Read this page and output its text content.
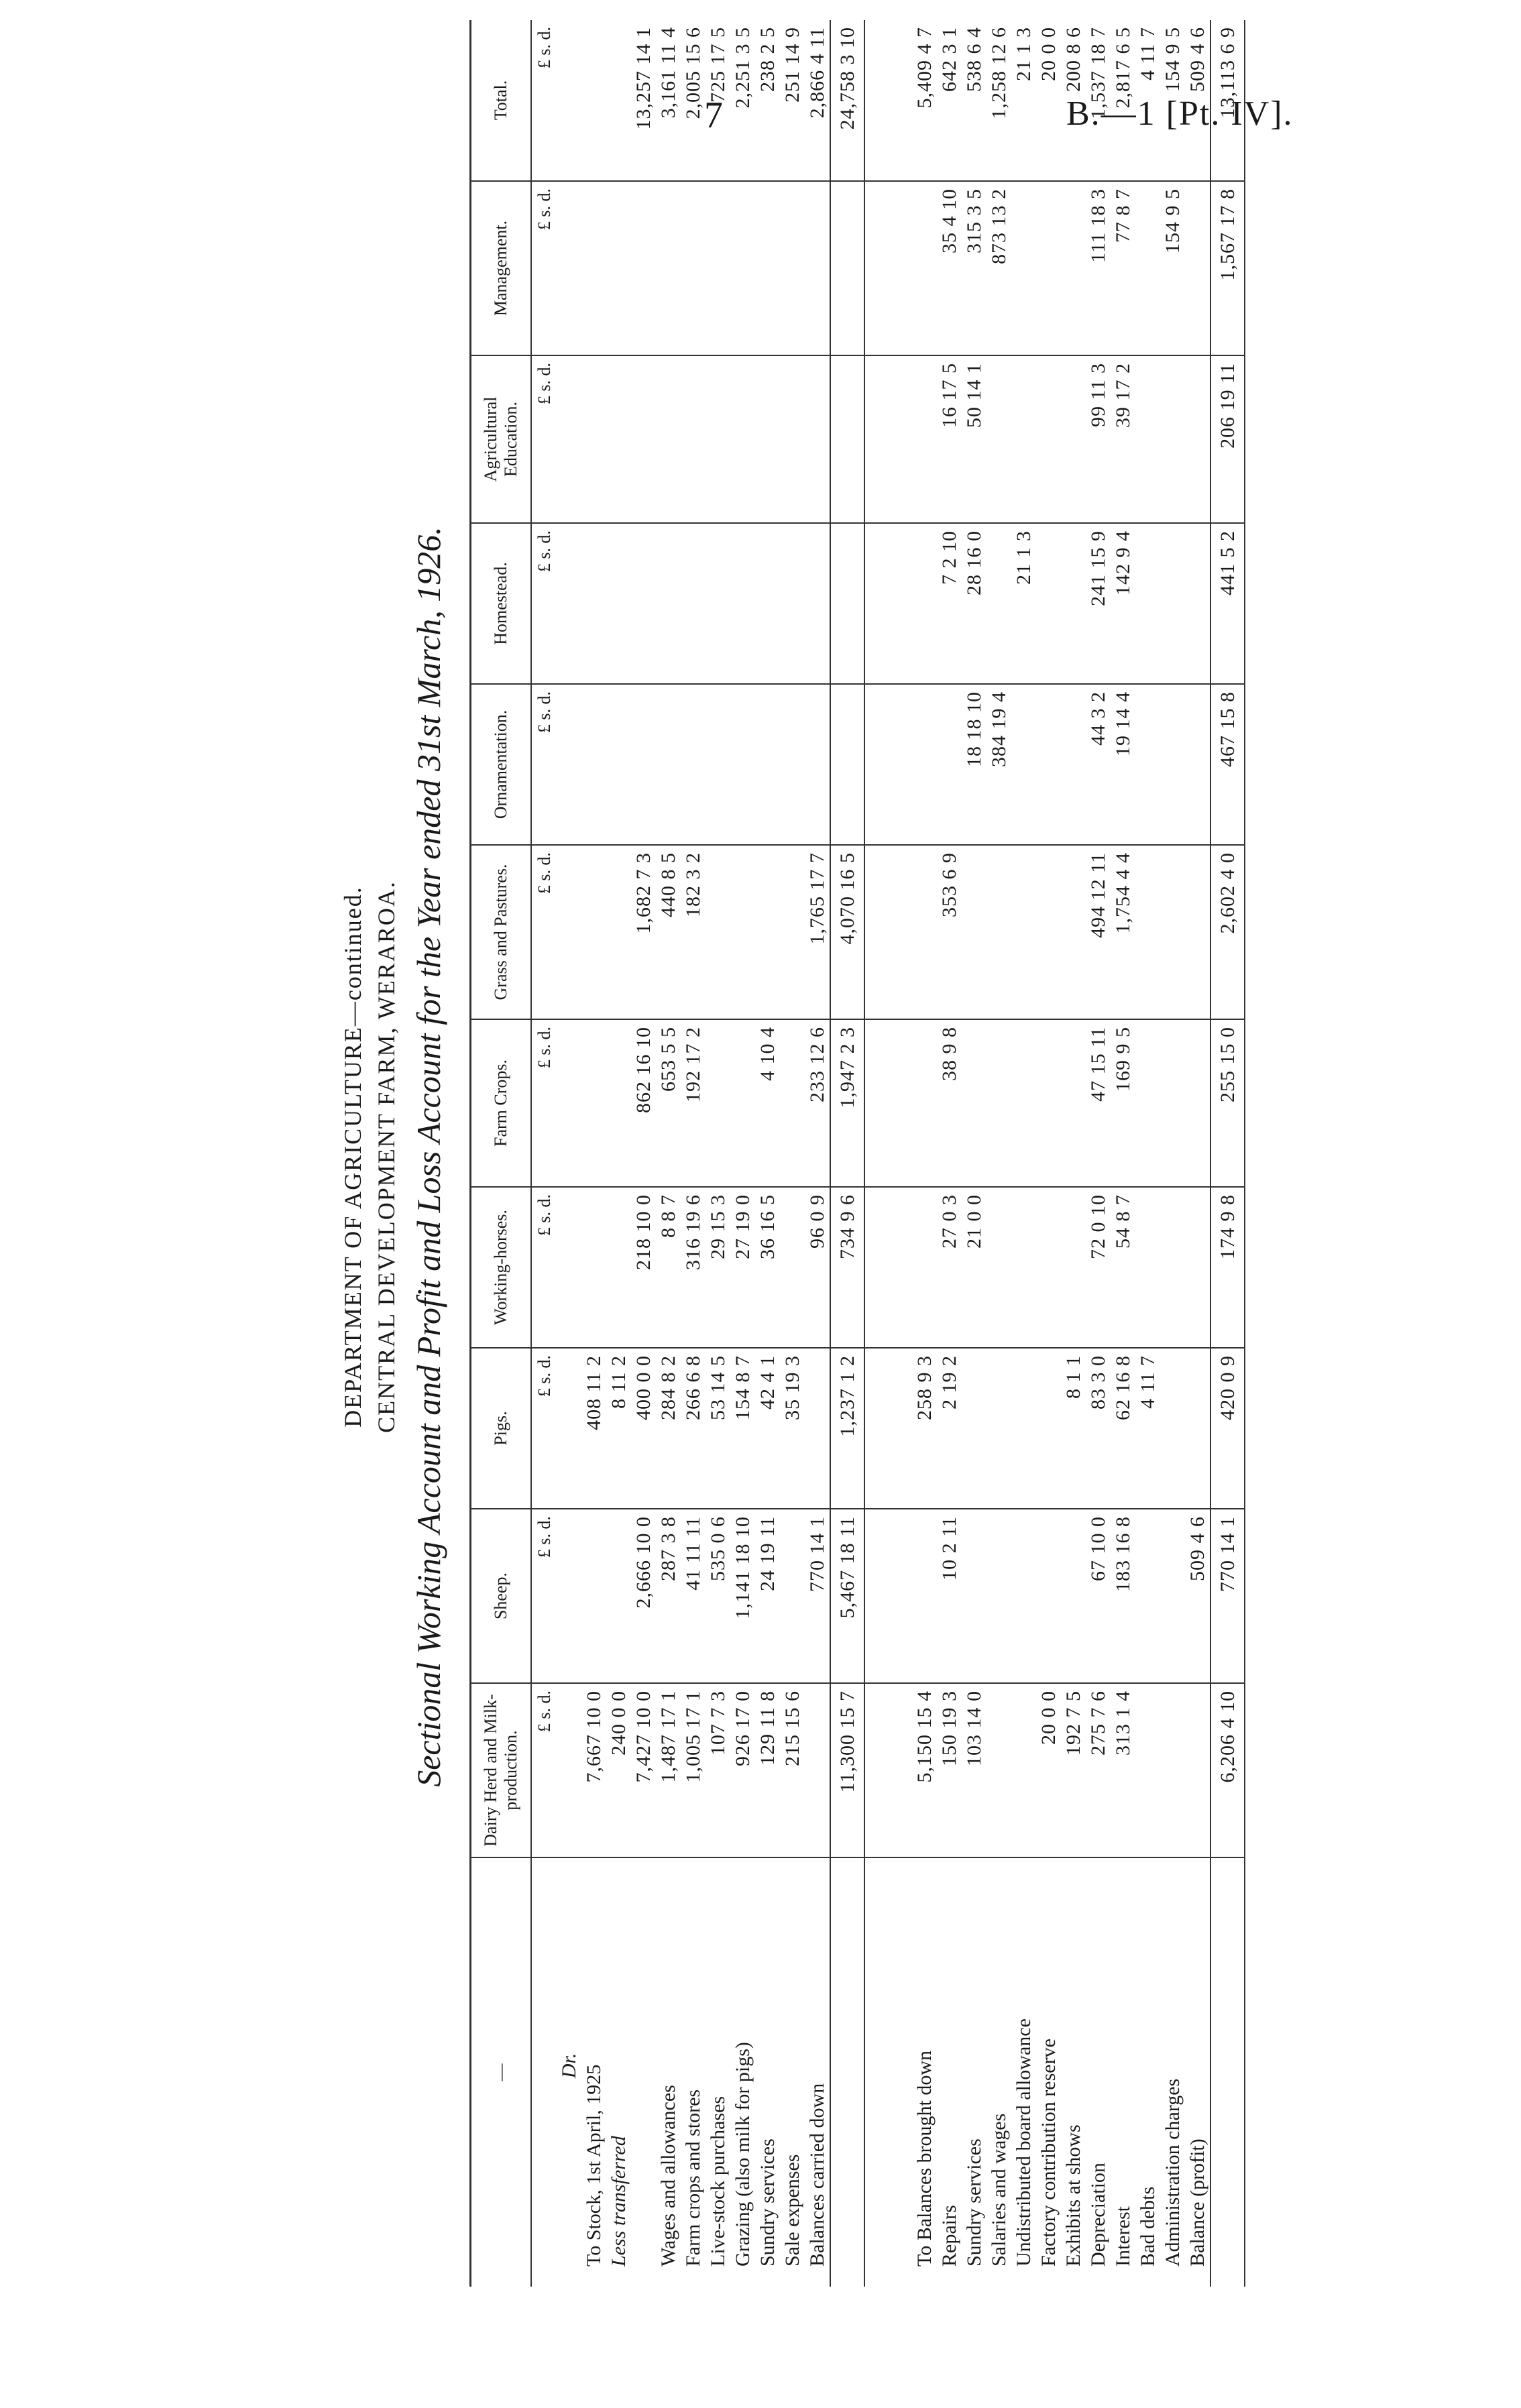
7	B.—1 [Pt. IV].
DEPARTMENT OF AGRICULTURE—continued. CENTRAL DEVELOPMENT FARM, WERAROA. Sectional Working Account and Profit and Loss Account for the Year ended 31st March, 1926.
—	Dairy Herd and Milk-production.	Sheep.	Pigs.	Working-horses.	Farm Crops.	Grass and Pastures.	Ornamentation.	Homestead.	Agricultural Education.	Management.	Total.
	£ s. d.	£ s. d.	£ s. d.	£ s. d.	£ s. d.	£ s. d.	£ s. d.	£ s. d.	£ s. d.	£ s. d.	£ s. d.

Dr.											

To Stock, 1st April, 1925	7,667 10 0		408 11 2								
Less transferred	240 0 0		8 11 2								
	7,427 10 0	2,666 10 0	400 0 0	218 10 0	862 16 10	1,682 7 3					13,257 14 1
Wages and allowances	1,487 17 1	287 3 8	284 8 2	8 8 7	653 5 5	440 8 5					3,161 11 4
Farm crops and stores	1,005 17 1	41 11 11	266 6 8	316 19 6	192 17 2	182 3 2					2,005 15 6
Live-stock purchases	107 7 3	535 0 6	53 14 5	29 15 3							725 17 5
Grazing (also milk for pigs)	926 17 0	1,141 18 10	154 8 7	27 19 0							2,251 3 5
Sundry services	129 11 8	24 19 11	42 4 1	36 16 5	4 10 4						238 2 5
Sale expenses	215 15 6		35 19 3								251 14 9
Balances carried down		770 14 1		96 0 9	233 12 6	1,765 17 7					2,866 4 11
	11,300 15 7	5,467 18 11	1,237 1 2	734 9 6	1,947 2 3	4,070 16 5					24,758 3 10

To Balances brought down	5,150 15 4		258 9 3								5,409 4 7
Repairs	150 19 3	10 2 11	2 19 2	27 0 3	38 9 8	353 6 9		7 2 10	16 17 5	35 4 10	642 3 1
Sundry services	103 14 0			21 0 0			18 18 10	28 16 0	50 14 1	315 3 5	538 6 4
Salaries and wages							384 19 4			873 13 2	1,258 12 6
Undistributed board allowance								21 1 3			21 1 3
Factory contribution reserve	20 0 0										20 0 0
Exhibits at shows	192 7 5		8 1 1								200 8 6
Depreciation	275 7 6	67 10 0	83 3 0	72 0 10	47 15 11	494 12 11	44 3 2	241 15 9	99 11 3	111 18 3	1,537 18 7
Interest	313 1 4	183 16 8	62 16 8	54 8 7	169 9 5	1,754 4 4	19 14 4	142 9 4	39 17 2	77 8 7	2,817 6 5
Bad debts			4 11 7								4 11 7
Administration charges										154 9 5	154 9 5
Balance (profit)		509 4 6									509 4 6
	6,206 4 10	770 14 1	420 0 9	174 9 8	255 15 0	2,602 4 0	467 15 8	441 5 2	206 19 11	1,567 17 8	13,113 6 9
